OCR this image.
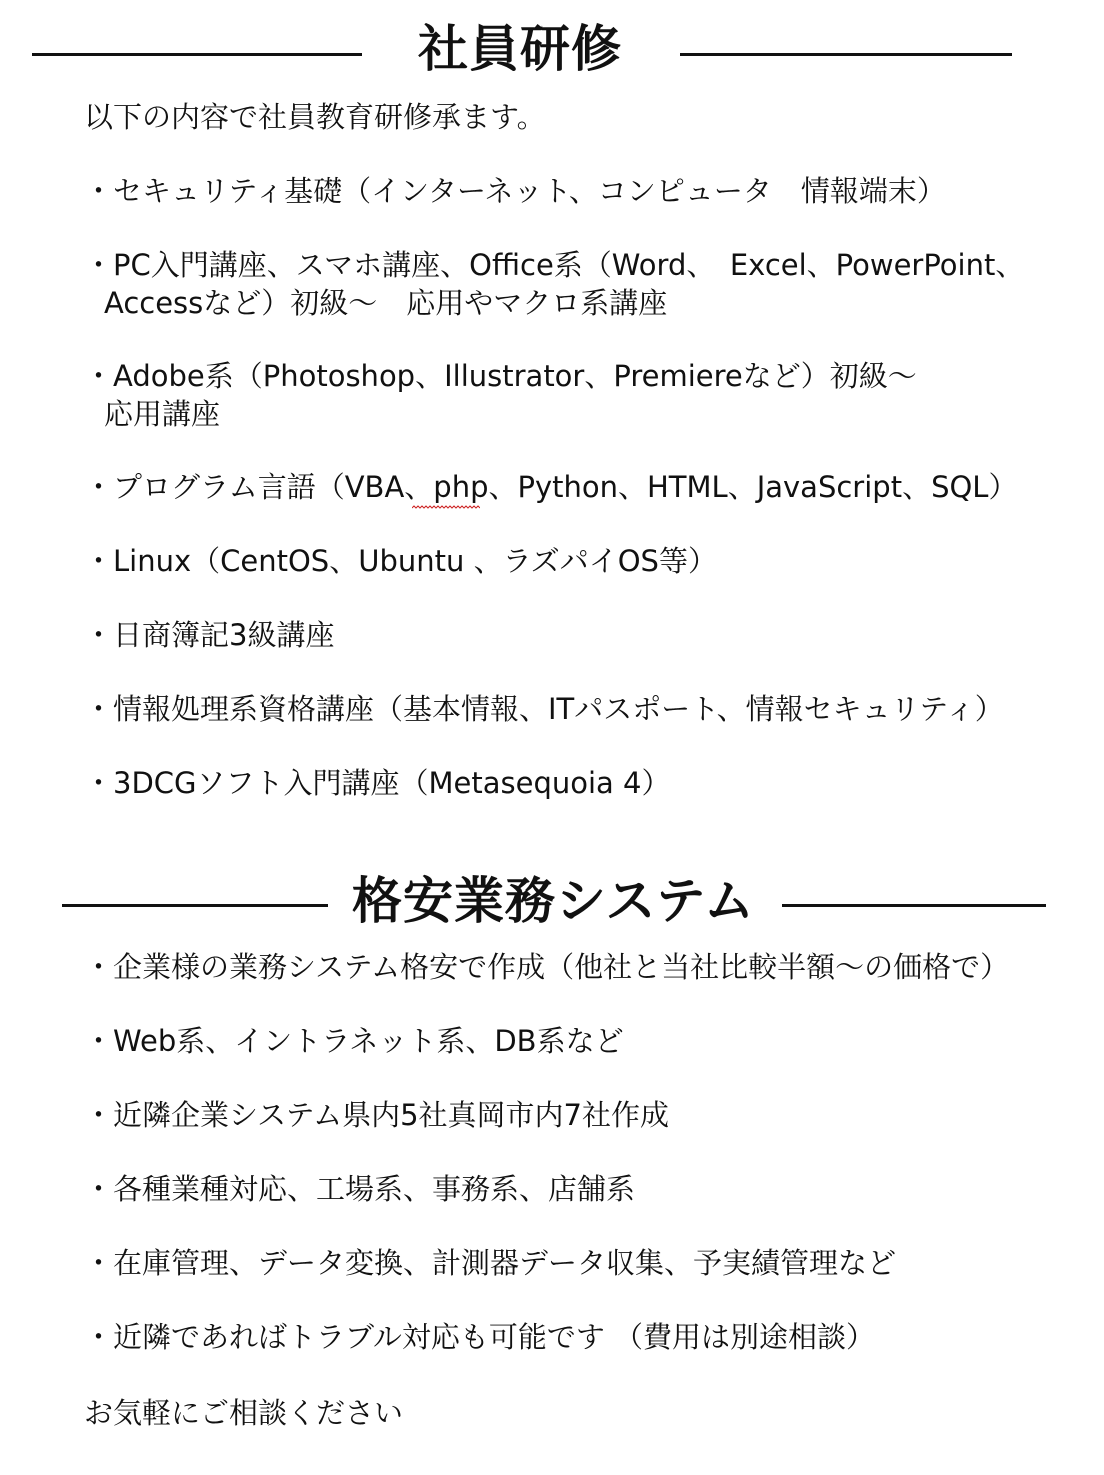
社員研修
以下の内容で社員教育研修承ます。
・セキュリティ基礎（インターネット、コンピュータ　情報端末）
・PC入門講座、スマホ講座、Office系（Word、　Excel、PowerPoint、
Accessなど）初級～　応用やマクロ系講座
・Adobe系（Photoshop、Illustrator、Premiereなど）初級～
応用講座
・プログラム言語（VBA、php、Python、HTML、JavaScript、SQL）
・Linux（CentOS、Ubuntu 、ラズパイOS等）
・日商簿記3級講座
・情報処理系資格講座（基本情報、ITパスポート、情報セキュリティ）
・3DCGソフト入門講座（Metasequoia 4）
格安業務システム
・企業様の業務システム格安で作成（他社と当社比較半額～の価格で）
・Web系、イントラネット系、DB系など
・近隣企業システム県内5社真岡市内7社作成
・各種業種対応、工場系、事務系、店舗系
・在庫管理、データ変換、計測器データ収集、予実績管理など
・近隣であればトラブル対応も可能です （費用は別途相談）
お気軽にご相談ください
